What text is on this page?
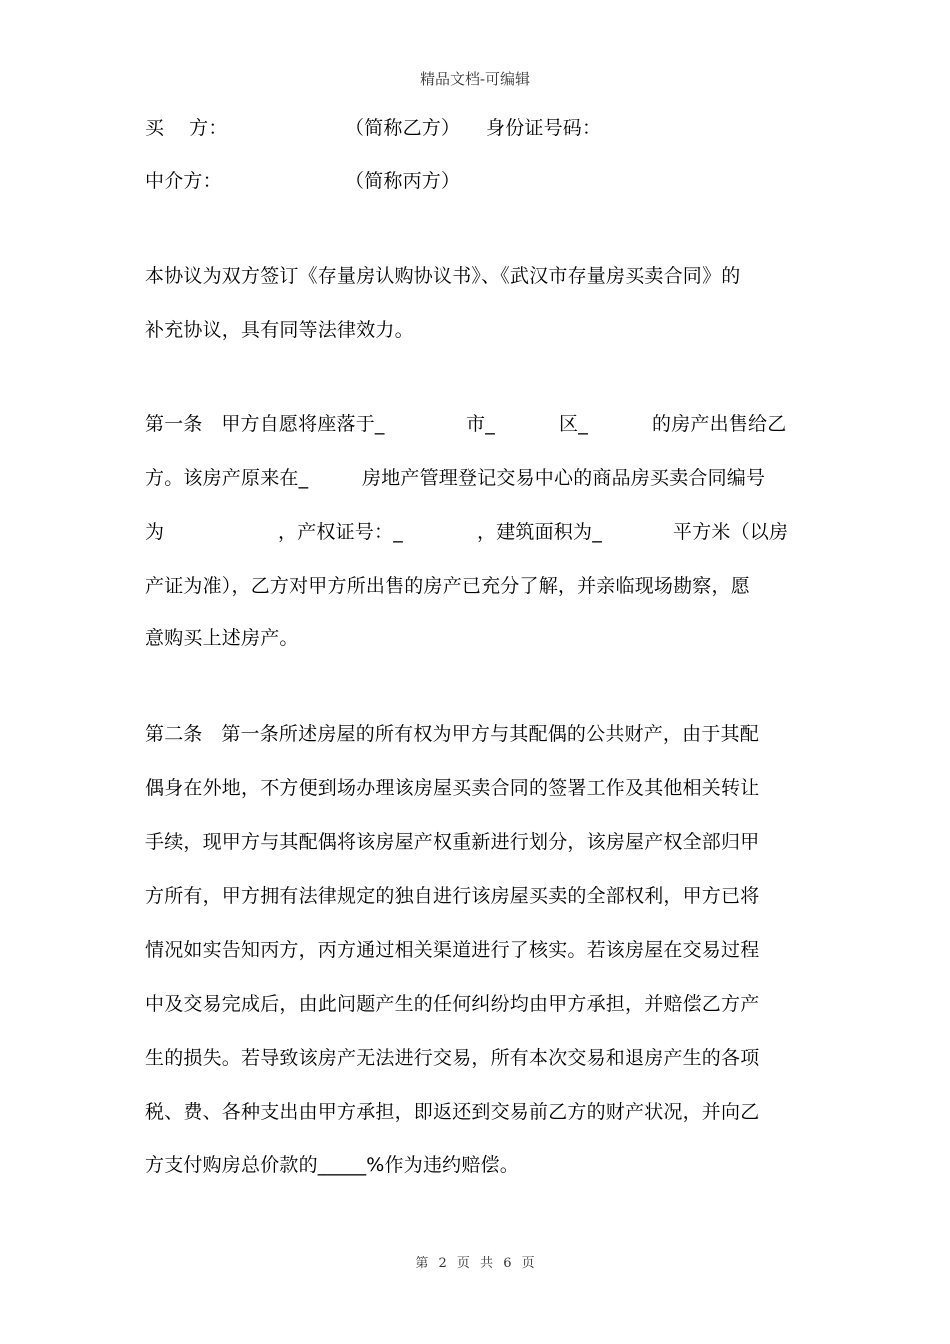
精品文档-可编辑
买    方：	（简称乙方） 身份证号码：
中介方：	（简称丙方）
本协议为双方签订《存量房认购协议书》、《武汉市存量房买卖合同》的
补充协议，具有同等法律效力。
第一条   甲方自愿将座落于_	市_	区_	的房产出售给乙
方。该房产原来在_	房地产管理登记交易中心的商品房买卖合同编号
为	，产权证号：_	，建筑面积为_	平方米（以房
产证为准），乙方对甲方所出售的房产已充分了解，并亲临现场勘察，愿
意购买上述房产。
第二条   第一条所述房屋的所有权为甲方与其配偶的公共财产，由于其配
偶身在外地，不方便到场办理该房屋买卖合同的签署工作及其他相关转让
手续，现甲方与其配偶将该房屋产权重新进行划分，该房屋产权全部归甲
方所有，甲方拥有法律规定的独自进行该房屋买卖的全部权利，甲方已将
情况如实告知丙方，丙方通过相关渠道进行了核实。若该房屋在交易过程
中及交易完成后，由此问题产生的任何纠纷均由甲方承担，并赔偿乙方产
生的损失。若导致该房产无法进行交易，所有本次交易和退房产生的各项
税、费、各种支出由甲方承担，即返还到交易前乙方的财产状况，并向乙
方支付购房总价款的_____%作为违约赔偿。
第 2 页 共 6 页
